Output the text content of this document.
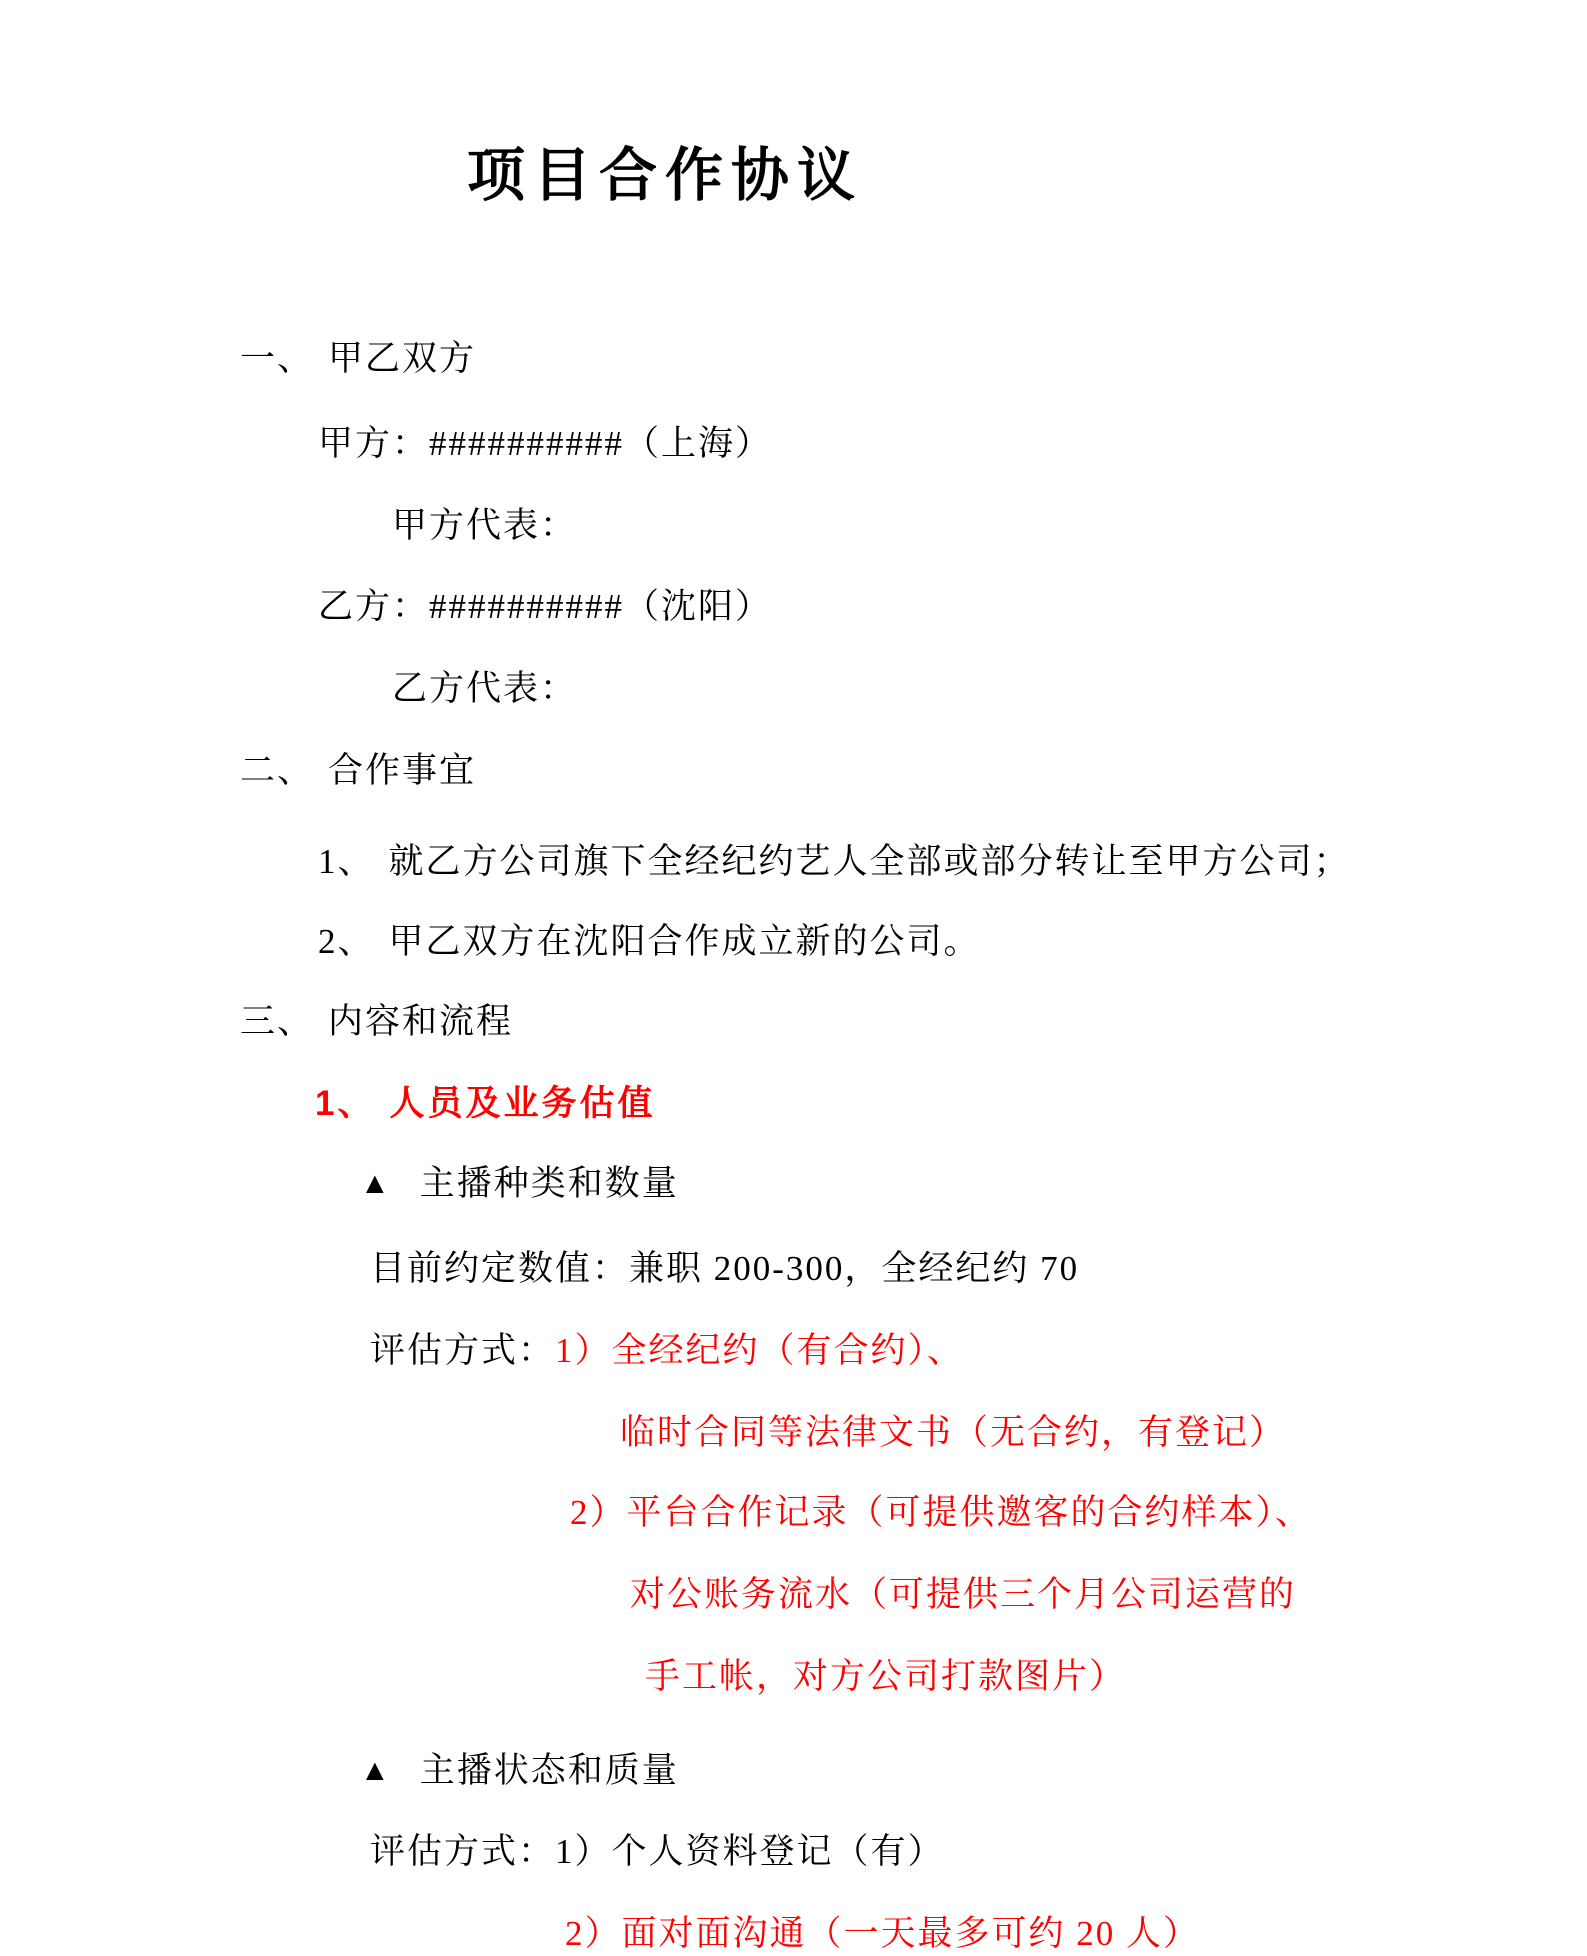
项目合作协议
一、 甲乙双方
甲方：##########（上海）
甲方代表：
乙方：##########（沈阳）
乙方代表：
二、 合作事宜
1、 就乙方公司旗下全经纪约艺人全部或部分转让至甲方公司；
2、 甲乙双方在沈阳合作成立新的公司。
三、 内容和流程
1、 人员及业务估值
▲ 主播种类和数量
目前约定数值：兼职 200-300，全经纪约 70
评估方式：1）全经纪约（有合约）、
临时合同等法律文书（无合约，有登记）
2）平台合作记录（可提供邀客的合约样本）、
对公账务流水（可提供三个月公司运营的
手工帐，对方公司打款图片）
▲ 主播状态和质量
评估方式：1）个人资料登记（有）
2）面对面沟通（一天最多可约 20 人）
